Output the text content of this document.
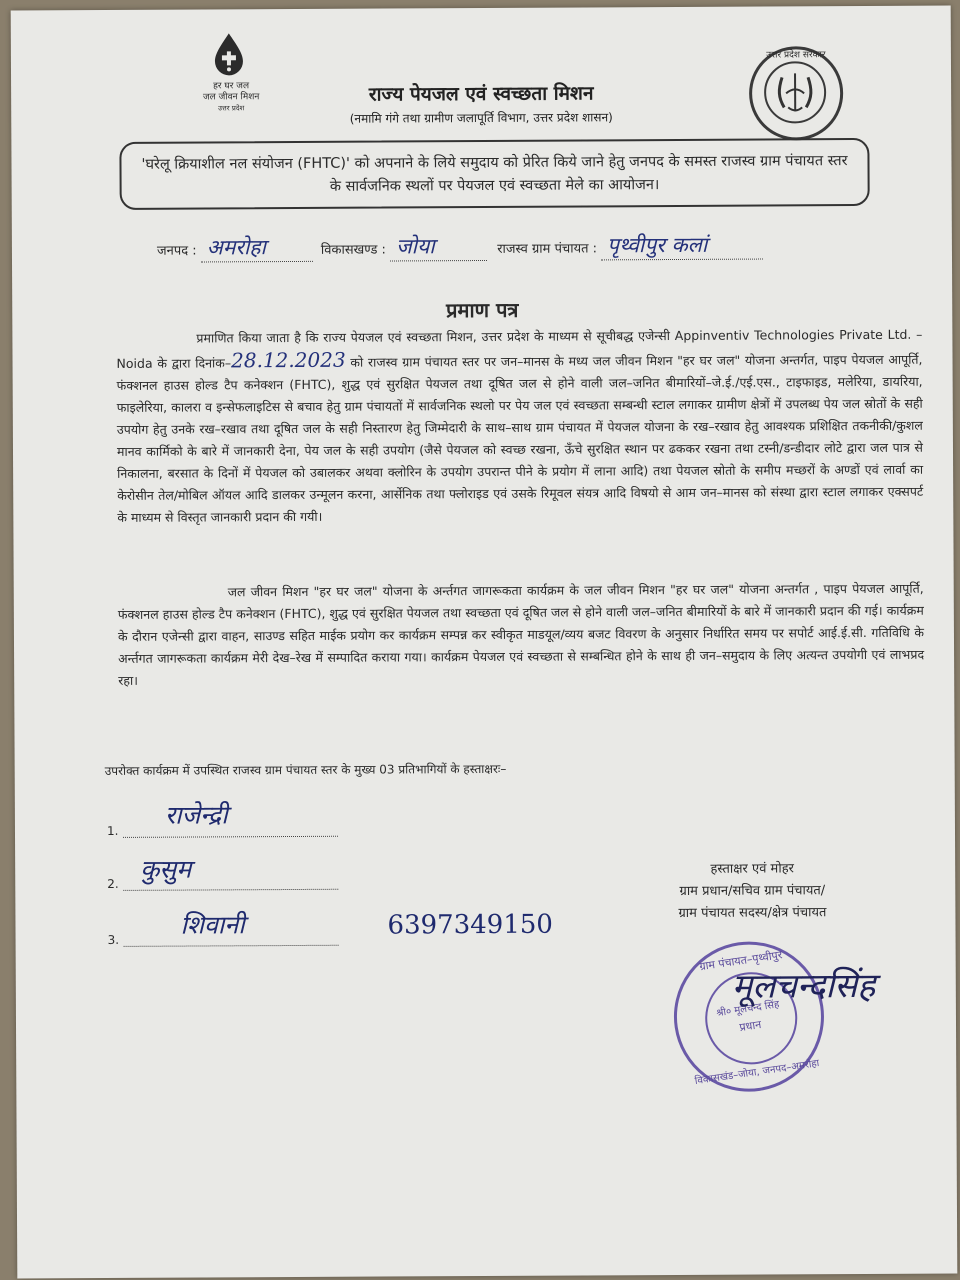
हर घर जल
जल जीवन मिशन
उत्तर प्रदेश
उत्तर प्रदेश सरकार
राज्य पेयजल एवं स्वच्छता मिशन
(नमामि गंगे तथा ग्रामीण जलापूर्ति विभाग, उत्तर प्रदेश शासन)
'घरेलू क्रियाशील नल संयोजन (FHTC)' को अपनाने के लिये समुदाय को प्रेरित किये जाने हेतु जनपद के समस्त राजस्व ग्राम पंचायत स्तर के सार्वजनिक स्थलों पर पेयजल एवं स्वच्छता मेले का आयोजन।
जनपद : अमरोहा	विकासखण्ड : जोया	राजस्व ग्राम पंचायत : पृथ्वीपुर कलां
प्रमाण पत्र
प्रमाणित किया जाता है कि राज्य पेयजल एवं स्वच्छता मिशन, उत्तर प्रदेश के माध्यम से सूचीबद्ध एजेन्सी Appinventiv Technologies Private Ltd. – Noida के द्वारा दिनांक–28.12.2023 को राजस्व ग्राम पंचायत स्तर पर जन–मानस के मध्य जल जीवन मिशन "हर घर जल" योजना अन्तर्गत, पाइप पेयजल आपूर्ति, फंक्शनल हाउस होल्ड टैप कनेक्शन (FHTC), शुद्ध एवं सुरक्षित पेयजल तथा दूषित जल से होने वाली जल–जनित बीमारियों–जे.ई./एई.एस., टाइफाइड, मलेरिया, डायरिया, फाइलेरिया, कालरा व इन्सेफलाइटिस से बचाव हेतु ग्राम पंचायतों में सार्वजनिक स्थलो पर पेय जल एवं स्वच्छता सम्बन्धी स्टाल लगाकर ग्रामीण क्षेत्रों में उपलब्ध पेय जल स्रोतों के सही उपयोग हेतु उनके रख–रखाव तथा दूषित जल के सही निस्तारण हेतु जिम्मेदारी के साथ–साथ ग्राम पंचायत में पेयजल योजना के रख–रखाव हेतु आवश्यक प्रशिक्षित तकनीकी/कुशल मानव कार्मिको के बारे में जानकारी देना, पेय जल के सही उपयोग (जैसे पेयजल को स्वच्छ रखना, ऊँचे सुरक्षित स्थान पर ढककर रखना तथा टस्नी/डन्डीदार लोटे द्वारा जल पात्र से निकालना, बरसात के दिनों में पेयजल को उबालकर अथवा क्लोरिन के उपयोग उपरान्त पीने के प्रयोग में लाना आदि) तथा पेयजल स्रोतो के समीप मच्छरों के अण्डों एवं लार्वा का केरोसीन तेल/मोबिल ऑयल आदि डालकर उन्मूलन करना, आर्सेनिक तथा फ्लोराइड एवं उसके रिमूवल संयत्र आदि विषयो से आम जन–मानस को संस्था द्वारा स्टाल लगाकर एक्सपर्ट के माध्यम से विस्तृत जानकारी प्रदान की गयी।
जल जीवन मिशन "हर घर जल" योजना के अर्न्तगत जागरूकता कार्यक्रम के जल जीवन मिशन "हर घर जल" योजना अन्तर्गत , पाइप पेयजल आपूर्ति, फंक्शनल हाउस होल्ड टैप कनेक्शन (FHTC), शुद्ध एवं सुरक्षित पेयजल तथा स्वच्छता एवं दूषित जल से होने वाली जल–जनित बीमारियों के बारे में जानकारी प्रदान की गई। कार्यक्रम के दौरान एजेन्सी द्वारा वाहन, साउण्ड सहित माईक प्रयोग कर कार्यक्रम सम्पन्न कर स्वीकृत माडयूल/व्यय बजट विवरण के अनुसार निर्धारित समय पर सपोर्ट आई.ई.सी. गतिविधि के अर्न्तगत जागरूकता कार्यक्रम मेरी देख–रेख में सम्पादित कराया गया। कार्यक्रम पेयजल एवं स्वच्छता से सम्बन्धित होने के साथ ही जन–समुदाय के लिए अत्यन्त उपयोगी एवं लाभप्रद रहा।
उपरोक्त कार्यक्रम में उपस्थित राजस्व ग्राम पंचायत स्तर के मुख्य 03 प्रतिभागियों के हस्ताक्षरः–
1.
राजेन्द्री
2.
कुसुम
3.
शिवानी	6397349150
हस्ताक्षर एवं मोहर
ग्राम प्रधान/सचिव ग्राम पंचायत/
ग्राम पंचायत सदस्य/क्षेत्र पंचायत
ग्राम पंचायत–पृथ्वीपुर
श्री० मूलचन्द सिंह
प्रधान
विकासखंड–जोया, जनपद–अमरोहा
मूलचन्दसिंह
